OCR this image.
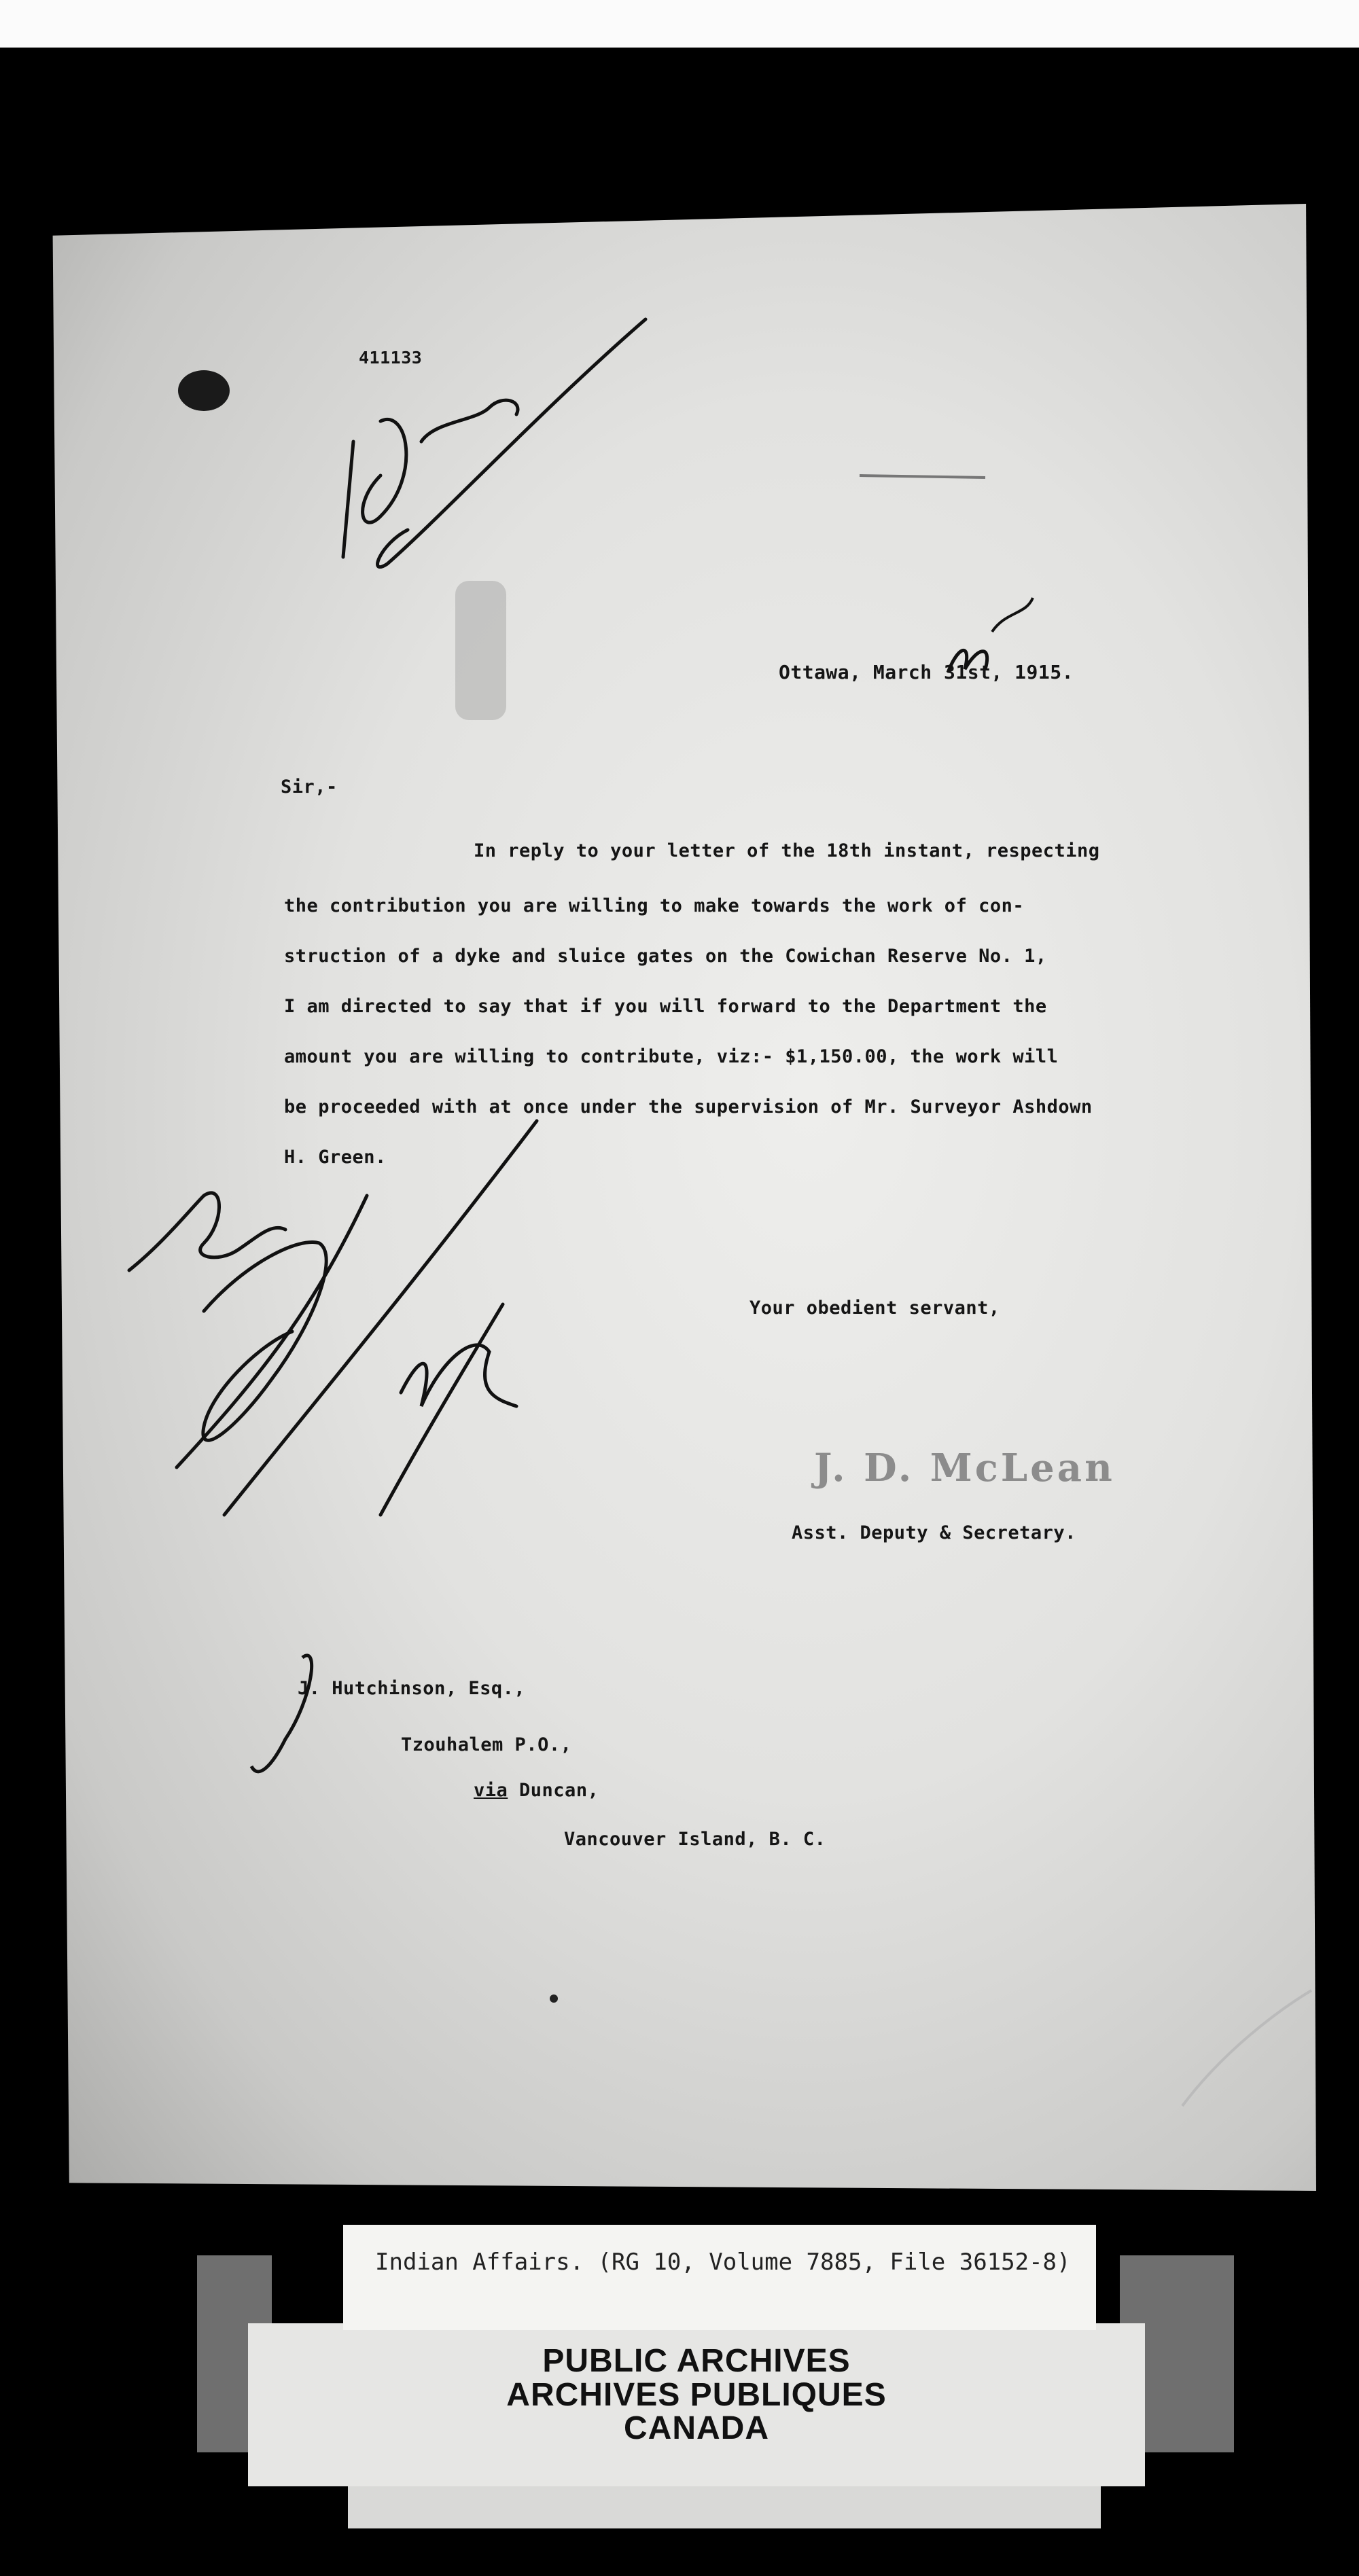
411133
Ottawa, March 31st, 1915.
Sir,-
In reply to your letter of the 18th instant, respecting
the contribution you are willing to make towards the work of con-
struction of a dyke and sluice gates on the Cowichan Reserve No. 1,
I am directed to say that if you will forward to the Department the
amount you are willing to contribute, viz:- $1,150.00, the work will
be proceeded with at once under the supervision of Mr. Surveyor Ashdown
H. Green.
Your obedient servant,
J. D. McLean
Asst. Deputy & Secretary.
J. Hutchinson, Esq.,
Tzouhalem P.O.,
via Duncan,
Vancouver Island, B. C.
Indian Affairs. (RG 10, Volume 7885, File 36152-8)
PUBLIC ARCHIVES
ARCHIVES PUBLIQUES
CANADA
